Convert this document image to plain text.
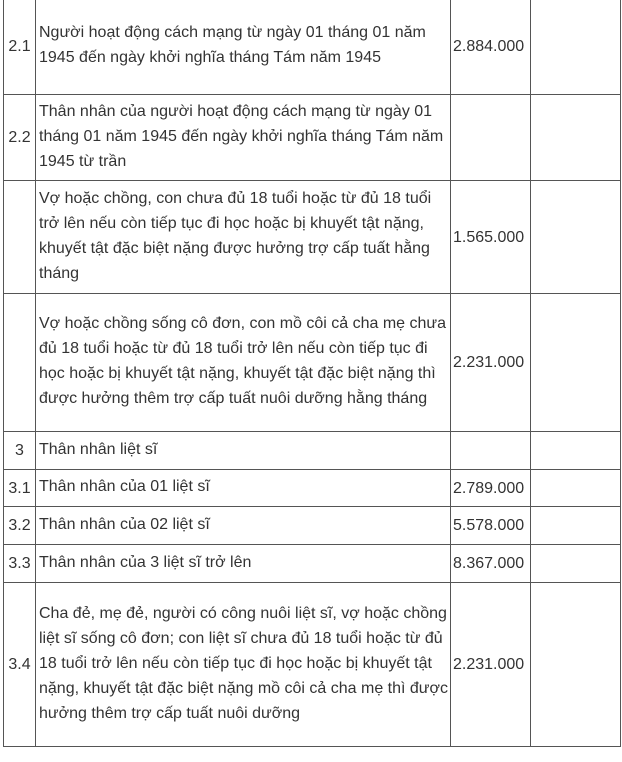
2.1	Người hoạt động cách mạng từ ngày 01 tháng 01 năm 1945 đến ngày khởi nghĩa tháng Tám năm 1945	2.884.000	
2.2	Thân nhân của người hoạt động cách mạng từ ngày 01 tháng 01 năm 1945 đến ngày khởi nghĩa tháng Tám năm 1945 từ trần		
	Vợ hoặc chồng, con chưa đủ 18 tuổi hoặc từ đủ 18 tuổi trở lên nếu còn tiếp tục đi học hoặc bị khuyết tật nặng, khuyết tật đặc biệt nặng được hưởng trợ cấp tuất hằng tháng	1.565.000	
	Vợ hoặc chồng sống cô đơn, con mồ côi cả cha mẹ chưa đủ 18 tuổi hoặc từ đủ 18 tuổi trở lên nếu còn tiếp tục đi học hoặc bị khuyết tật nặng, khuyết tật đặc biệt nặng thì được hưởng thêm trợ cấp tuất nuôi dưỡng hằng tháng	2.231.000	
3	Thân nhân liệt sĩ		
3.1	Thân nhân của 01 liệt sĩ	2.789.000	
3.2	Thân nhân của 02 liệt sĩ	5.578.000	
3.3	Thân nhân của 3 liệt sĩ trở lên	8.367.000	
3.4	Cha đẻ, mẹ đẻ, người có công nuôi liệt sĩ, vợ hoặc chồng liệt sĩ sống cô đơn; con liệt sĩ chưa đủ 18 tuổi hoặc từ đủ 18 tuổi trở lên nếu còn tiếp tục đi học hoặc bị khuyết tật nặng, khuyết tật đặc biệt nặng mồ côi cả cha mẹ thì được hưởng thêm trợ cấp tuất nuôi dưỡng	2.231.000	
